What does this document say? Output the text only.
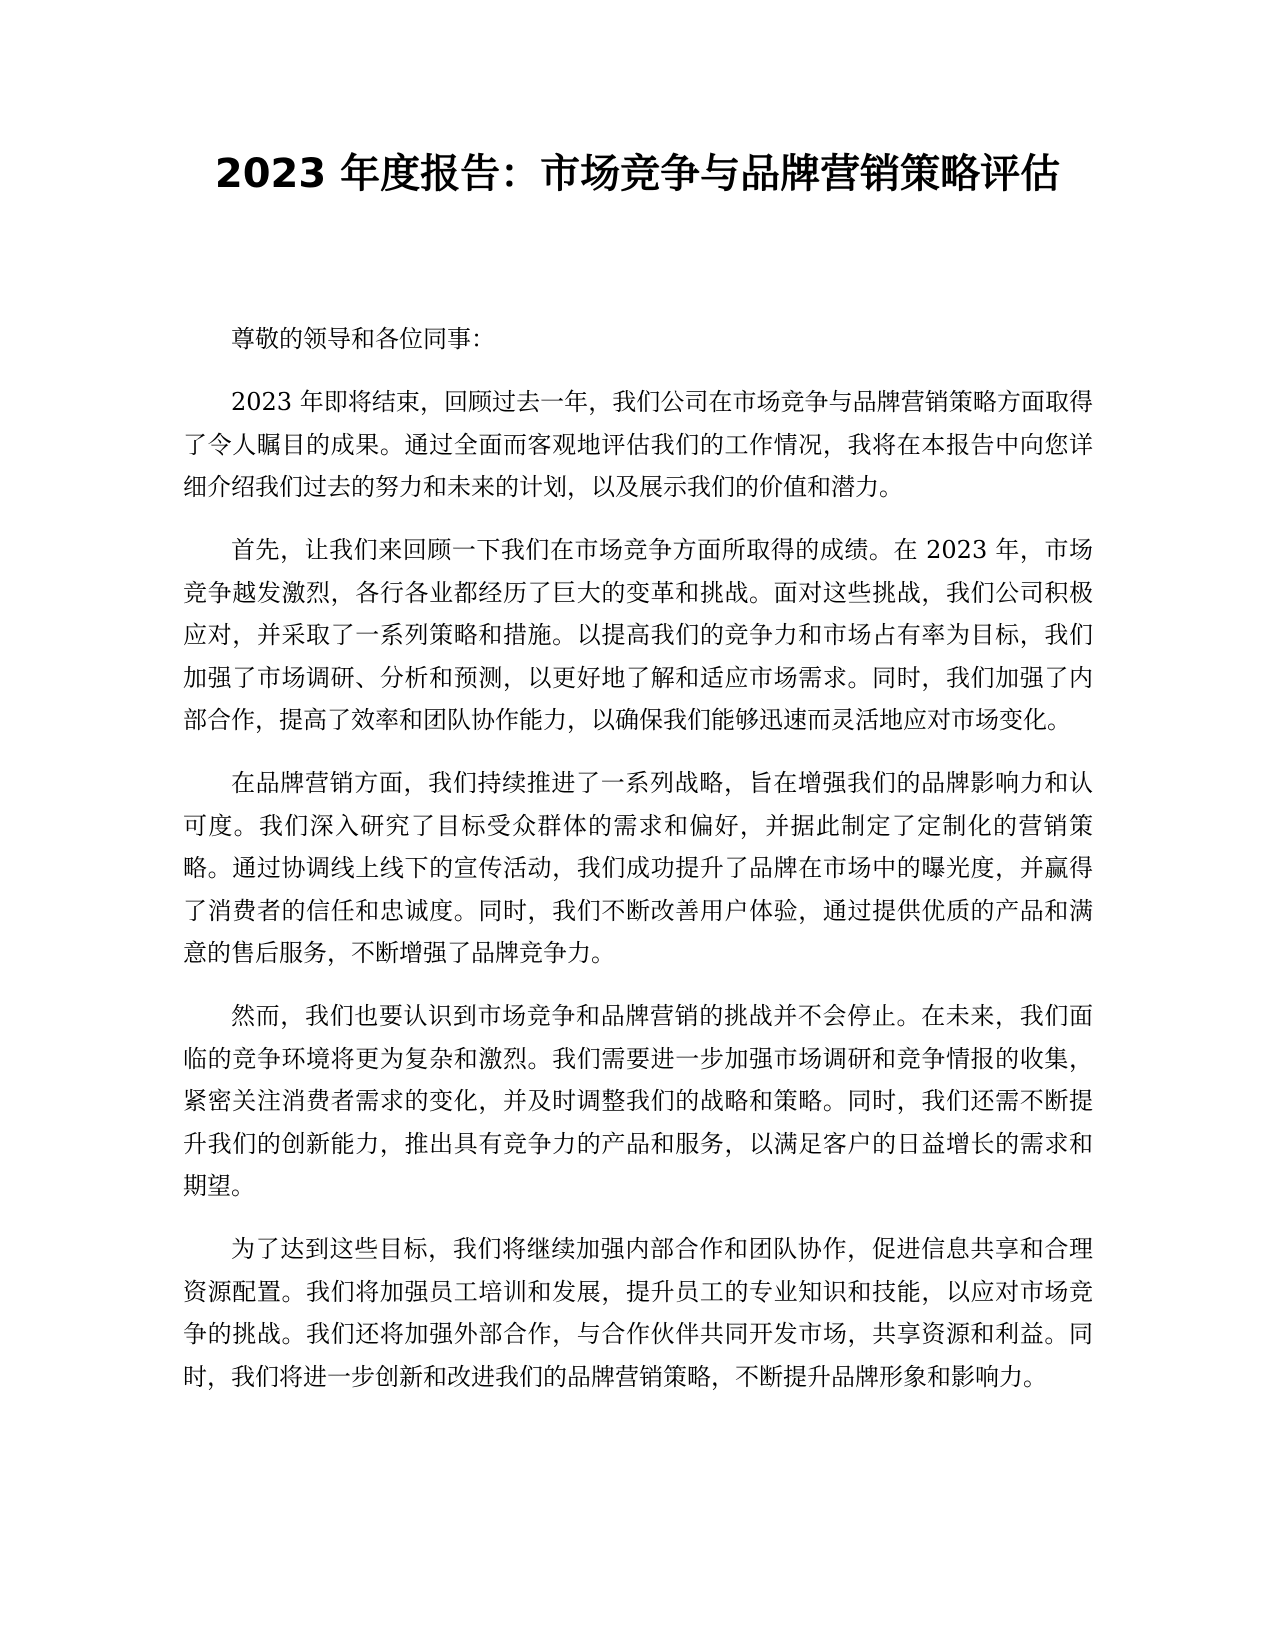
2023 年度报告：市场竞争与品牌营销策略评估

尊敬的领导和各位同事：

2023 年即将结束，回顾过去一年，我们公司在市场竞争与品牌营销策略方面取得了令人瞩目的成果。通过全面而客观地评估我们的工作情况，我将在本报告中向您详细介绍我们过去的努力和未来的计划，以及展示我们的价值和潜力。

首先，让我们来回顾一下我们在市场竞争方面所取得的成绩。在 2023 年，市场竞争越发激烈，各行各业都经历了巨大的变革和挑战。面对这些挑战，我们公司积极应对，并采取了一系列策略和措施。以提高我们的竞争力和市场占有率为目标，我们加强了市场调研、分析和预测，以更好地了解和适应市场需求。同时，我们加强了内部合作，提高了效率和团队协作能力，以确保我们能够迅速而灵活地应对市场变化。

在品牌营销方面，我们持续推进了一系列战略，旨在增强我们的品牌影响力和认可度。我们深入研究了目标受众群体的需求和偏好，并据此制定了定制化的营销策略。通过协调线上线下的宣传活动，我们成功提升了品牌在市场中的曝光度，并赢得了消费者的信任和忠诚度。同时，我们不断改善用户体验，通过提供优质的产品和满意的售后服务，不断增强了品牌竞争力。

然而，我们也要认识到市场竞争和品牌营销的挑战并不会停止。在未来，我们面临的竞争环境将更为复杂和激烈。我们需要进一步加强市场调研和竞争情报的收集，紧密关注消费者需求的变化，并及时调整我们的战略和策略。同时，我们还需不断提升我们的创新能力，推出具有竞争力的产品和服务，以满足客户的日益增长的需求和期望。

为了达到这些目标，我们将继续加强内部合作和团队协作，促进信息共享和合理资源配置。我们将加强员工培训和发展，提升员工的专业知识和技能，以应对市场竞争的挑战。我们还将加强外部合作，与合作伙伴共同开发市场，共享资源和利益。同时，我们将进一步创新和改进我们的品牌营销策略，不断提升品牌形象和影响力。
